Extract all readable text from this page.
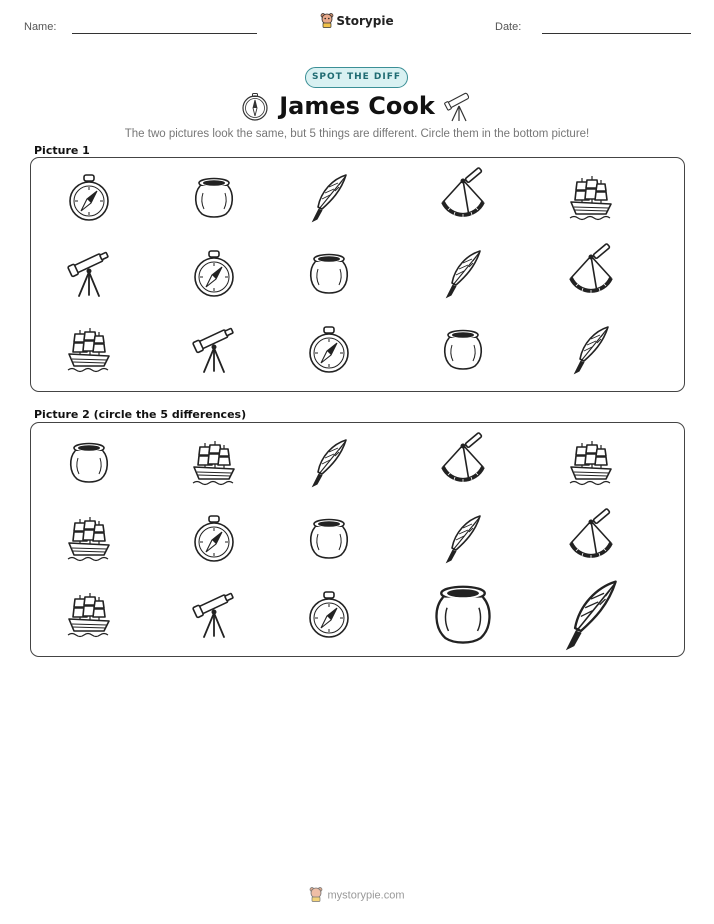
Name:	Date:
Storypie
SPOT THE DIFF
James Cook
The two pictures look the same, but 5 things are different. Circle them in the bottom picture!
Picture 1
Picture 2 (circle the 5 differences)
mystorypie.com
